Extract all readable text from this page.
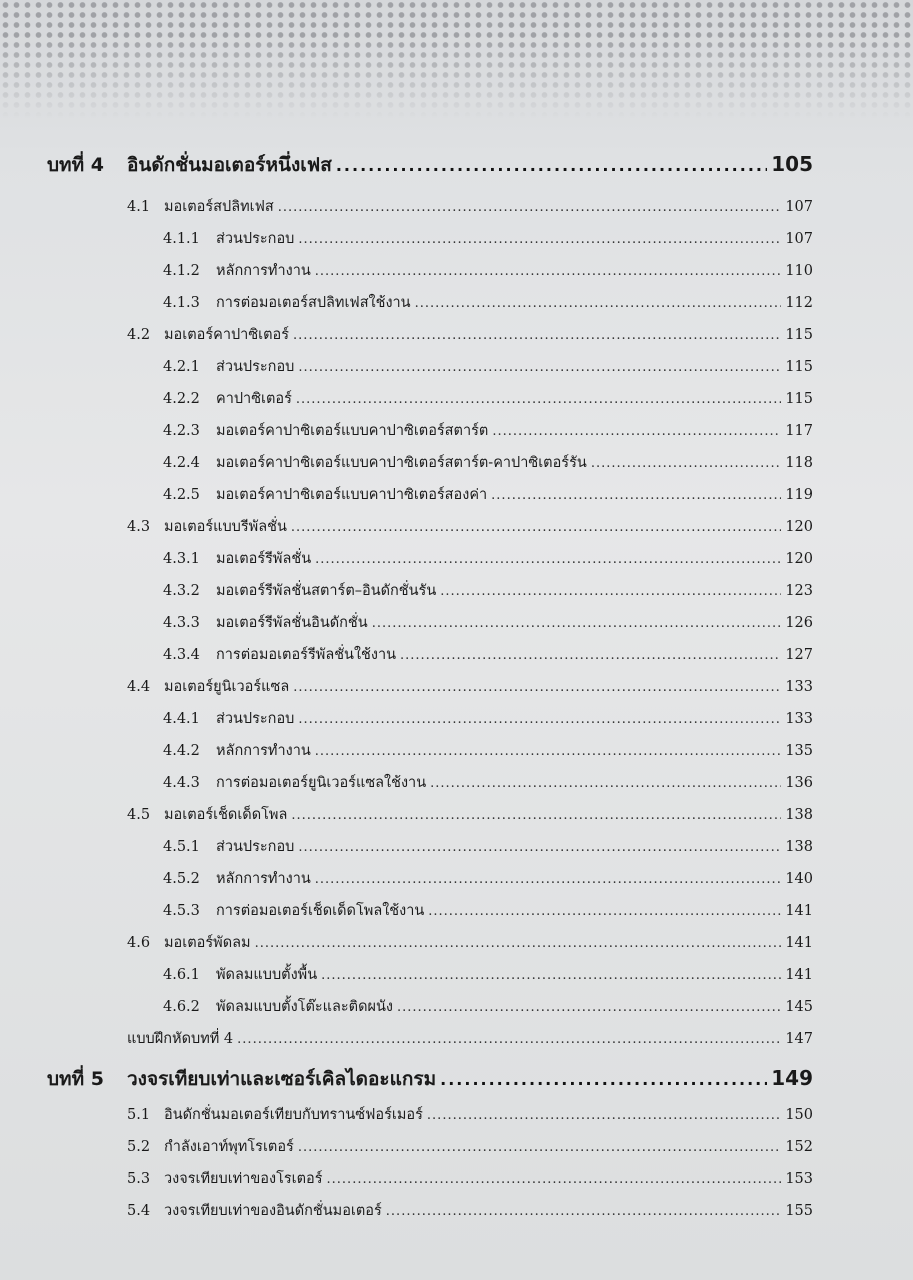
บทที่ 4	อินดักชั่นมอเตอร์หนึ่งเฟส .....	105
4.1 มอเตอร์สปลิทเฟส .....	107
4.1.1	ส่วนประกอบ .....	107
4.1.2	หลักการทำงาน .....	110
4.1.3	การต่อมอเตอร์สปลิทเฟสใช้งาน .....	112
4.2 มอเตอร์คาปาซิเตอร์ .....	115
4.2.1	ส่วนประกอบ .....	115
4.2.2	คาปาซิเตอร์ .....	115
4.2.3	มอเตอร์คาปาซิเตอร์แบบคาปาซิเตอร์สตาร์ต .....	117
4.2.4	มอเตอร์คาปาซิเตอร์แบบคาปาซิเตอร์สตาร์ต-คาปาซิเตอร์รัน .....	118
4.2.5	มอเตอร์คาปาซิเตอร์แบบคาปาซิเตอร์สองค่า .....	119
4.3 มอเตอร์แบบรีพัลชั่น .....	120
4.3.1	มอเตอร์รีพัลชั่น .....	120
4.3.2	มอเตอร์รีพัลชั่นสตาร์ต–อินดักชั่นรัน .....	123
4.3.3	มอเตอร์รีพัลชั่นอินดักชั่น .....	126
4.3.4	การต่อมอเตอร์รีพัลชั่นใช้งาน .....	127
4.4 มอเตอร์ยูนิเวอร์แซล .....	133
4.4.1	ส่วนประกอบ .....	133
4.4.2	หลักการทำงาน .....	135
4.4.3	การต่อมอเตอร์ยูนิเวอร์แซลใช้งาน .....	136
4.5 มอเตอร์เช็ดเด็ดโพล .....	138
4.5.1	ส่วนประกอบ .....	138
4.5.2	หลักการทำงาน .....	140
4.5.3	การต่อมอเตอร์เช็ดเด็ดโพลใช้งาน .....	141
4.6 มอเตอร์พัดลม .....	141
4.6.1	พัดลมแบบตั้งพื้น .....	141
4.6.2	พัดลมแบบตั้งโต๊ะและติดผนัง .....	145
แบบฝึกหัดบทที่ 4 .....	147
บทที่ 5	วงจรเทียบเท่าและเซอร์เคิลไดอะแกรม .....	149
5.1 อินดักชั่นมอเตอร์เทียบกับทรานซ์ฟอร์เมอร์ .....	150
5.2 กำลังเอาท์พุทโรเตอร์ .....	152
5.3 วงจรเทียบเท่าของโรเตอร์ .....	153
5.4 วงจรเทียบเท่าของอินดักชั่นมอเตอร์ .....	155
